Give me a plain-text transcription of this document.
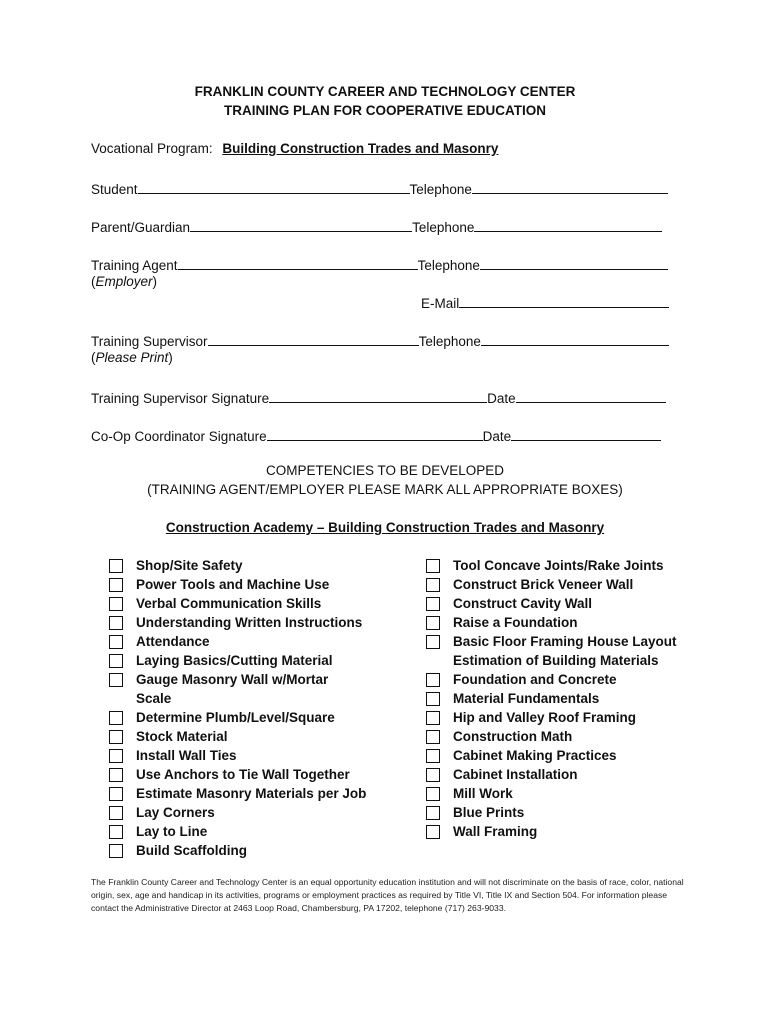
FRANKLIN COUNTY CAREER AND TECHNOLOGY CENTER
TRAINING PLAN FOR COOPERATIVE EDUCATION
Vocational Program: Building Construction Trades and Masonry
Student	Telephone
Parent/Guardian	Telephone
Training Agent	Telephone
(Employer)
E-Mail
Training Supervisor	Telephone
(Please Print)
Training Supervisor Signature	Date
Co-Op Coordinator Signature	Date
COMPETENCIES TO BE DEVELOPED
(TRAINING AGENT/EMPLOYER PLEASE MARK ALL APPROPRIATE BOXES)
Construction Academy – Building Construction Trades and Masonry
Shop/Site Safety
Power Tools and Machine Use
Verbal Communication Skills
Understanding Written Instructions
Attendance
Laying Basics/Cutting Material
Gauge Masonry Wall w/Mortar
Scale
Determine Plumb/Level/Square
Stock Material
Install Wall Ties
Use Anchors to Tie Wall Together
Estimate Masonry Materials per Job
Lay Corners
Lay to Line
Build Scaffolding
Tool Concave Joints/Rake Joints
Construct Brick Veneer Wall
Construct Cavity Wall
Raise a Foundation
Basic Floor Framing House Layout
Estimation of Building Materials
Foundation and Concrete
Material Fundamentals
Hip and Valley Roof Framing
Construction Math
Cabinet Making Practices
Cabinet Installation
Mill Work
Blue Prints
Wall Framing
The Franklin County Career and Technology Center is an equal opportunity education institution and will not discriminate on the basis of race, color, national origin, sex, age and handicap in its activities, programs or employment practices as required by Title VI, Title IX and Section 504. For information please contact the Administrative Director at 2463 Loop Road, Chambersburg, PA 17202, telephone (717) 263-9033.
